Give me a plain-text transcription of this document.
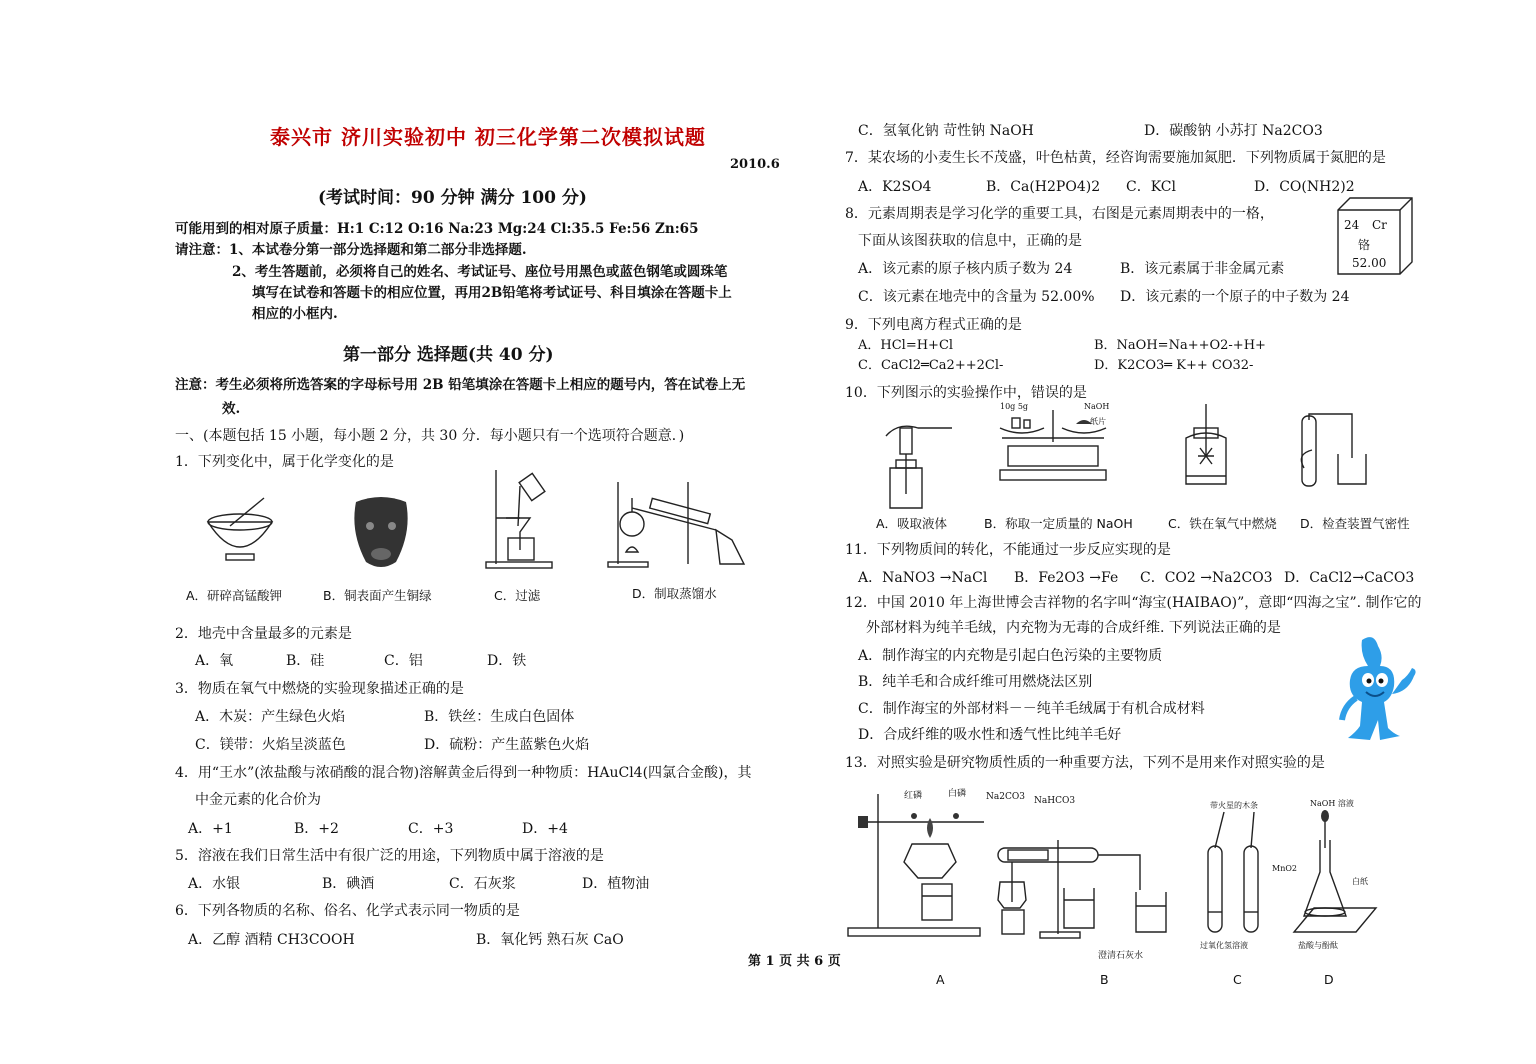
泰兴市 济川实验初中 初三化学第二次模拟试题
2010.6
(考试时间：90 分钟 满分 100 分)
可能用到的相对原子质量：H:1 C:12 O:16 Na:23 Mg:24 Cl:35.5 Fe:56 Zn:65
请注意：1、本试卷分第一部分选择题和第二部分非选择题.
2、考生答题前，必须将自己的姓名、考试证号、座位号用黑色或蓝色钢笔或圆珠笔
填写在试卷和答题卡的相应位置，再用2B铅笔将考试证号、科目填涂在答题卡上
相应的小框内.
第一部分 选择题(共 40 分)
注意：考生必须将所选答案的字母标号用 2B 铅笔填涂在答题卡上相应的题号内，答在试卷上无
效.
一、(本题包括 15 小题，每小题 2 分，共 30 分．每小题只有一个选项符合题意．)
1．下列变化中，属于化学变化的是
A．研碎高锰酸钾	B．铜表面产生铜绿	C．过滤	D．制取蒸馏水
2．地壳中含量最多的元素是
A．氧	B．硅	C．铝	D．铁
3．物质在氧气中燃烧的实验现象描述正确的是
A．木炭：产生绿色火焰	B．铁丝：生成白色固体
C．镁带：火焰呈淡蓝色	D．硫粉：产生蓝紫色火焰
4．用“王水”(浓盐酸与浓硝酸的混合物)溶解黄金后得到一种物质：HAuCl4(四氯合金酸)，其
中金元素的化合价为
A．+1	B．+2	C．+3	D．+4
5．溶液在我们日常生活中有很广泛的用途，下列物质中属于溶液的是
A．水银	B．碘酒	C．石灰浆	D．植物油
6．下列各物质的名称、俗名、化学式表示同一物质的是
A．乙醇 酒精 CH3COOH	B．氧化钙 熟石灰 CaO
第 1 页 共 6 页
C．氢氧化钠 苛性钠 NaOH	D．碳酸钠 小苏打 Na2CO3
7．某农场的小麦生长不茂盛，叶色枯黄，经咨询需要施加氮肥．下列物质属于氮肥的是
A．K2SO4	B．Ca(H2PO4)2 C．KCl	D．CO(NH2)2
8．元素周期表是学习化学的重要工具，右图是元素周期表中的一格，
下面从该图获取的信息中，正确的是
A．该元素的原子核内质子数为 24	B．该元素属于非金属元素
C．该元素在地壳中的含量为 52.00% D．该元素的一个原子的中子数为 24
24 Cr
铬
52.00
9．下列电离方程式正确的是
A．HCl=H+Cl	B．NaOH=Na++O2-+H+
C．CaCl2═Ca2++2Cl-	D．K2CO3═ K++ CO32-
10．下列图示的实验操作中，错误的是
10g 5g	NaOH
纸片
A．吸取液体	B．称取一定质量的 NaOH	C．铁在氧气中燃烧 D．检查装置气密性
11．下列物质间的转化，不能通过一步反应实现的是
A．NaNO3 →NaCl B．Fe2O3 →Fe C．CO2 →Na2CO3 D．CaCl2→CaCO3
12．中国 2010 年上海世博会吉祥物的名字叫“海宝(HAIBAO)”，意即“四海之宝”. 制作它的
外部材料为纯羊毛绒，内充物为无毒的合成纤维. 下列说法正确的是
A．制作海宝的内充物是引起白色污染的主要物质
B．纯羊毛和合成纤维可用燃烧法区别
C．制作海宝的外部材料－－纯羊毛绒属于有机合成材料
D．合成纤维的吸水性和透气性比纯羊毛好
13．对照实验是研究物质性质的一种重要方法，下列不是用来作对照实验的是
红磷	白磷 Na2CO3 NaHCO3
澄清石灰水
带火星的木条
MnO2
过氧化氢溶液
NaOH 溶液
白纸
盐酸与酚酞
A	B	C	D
